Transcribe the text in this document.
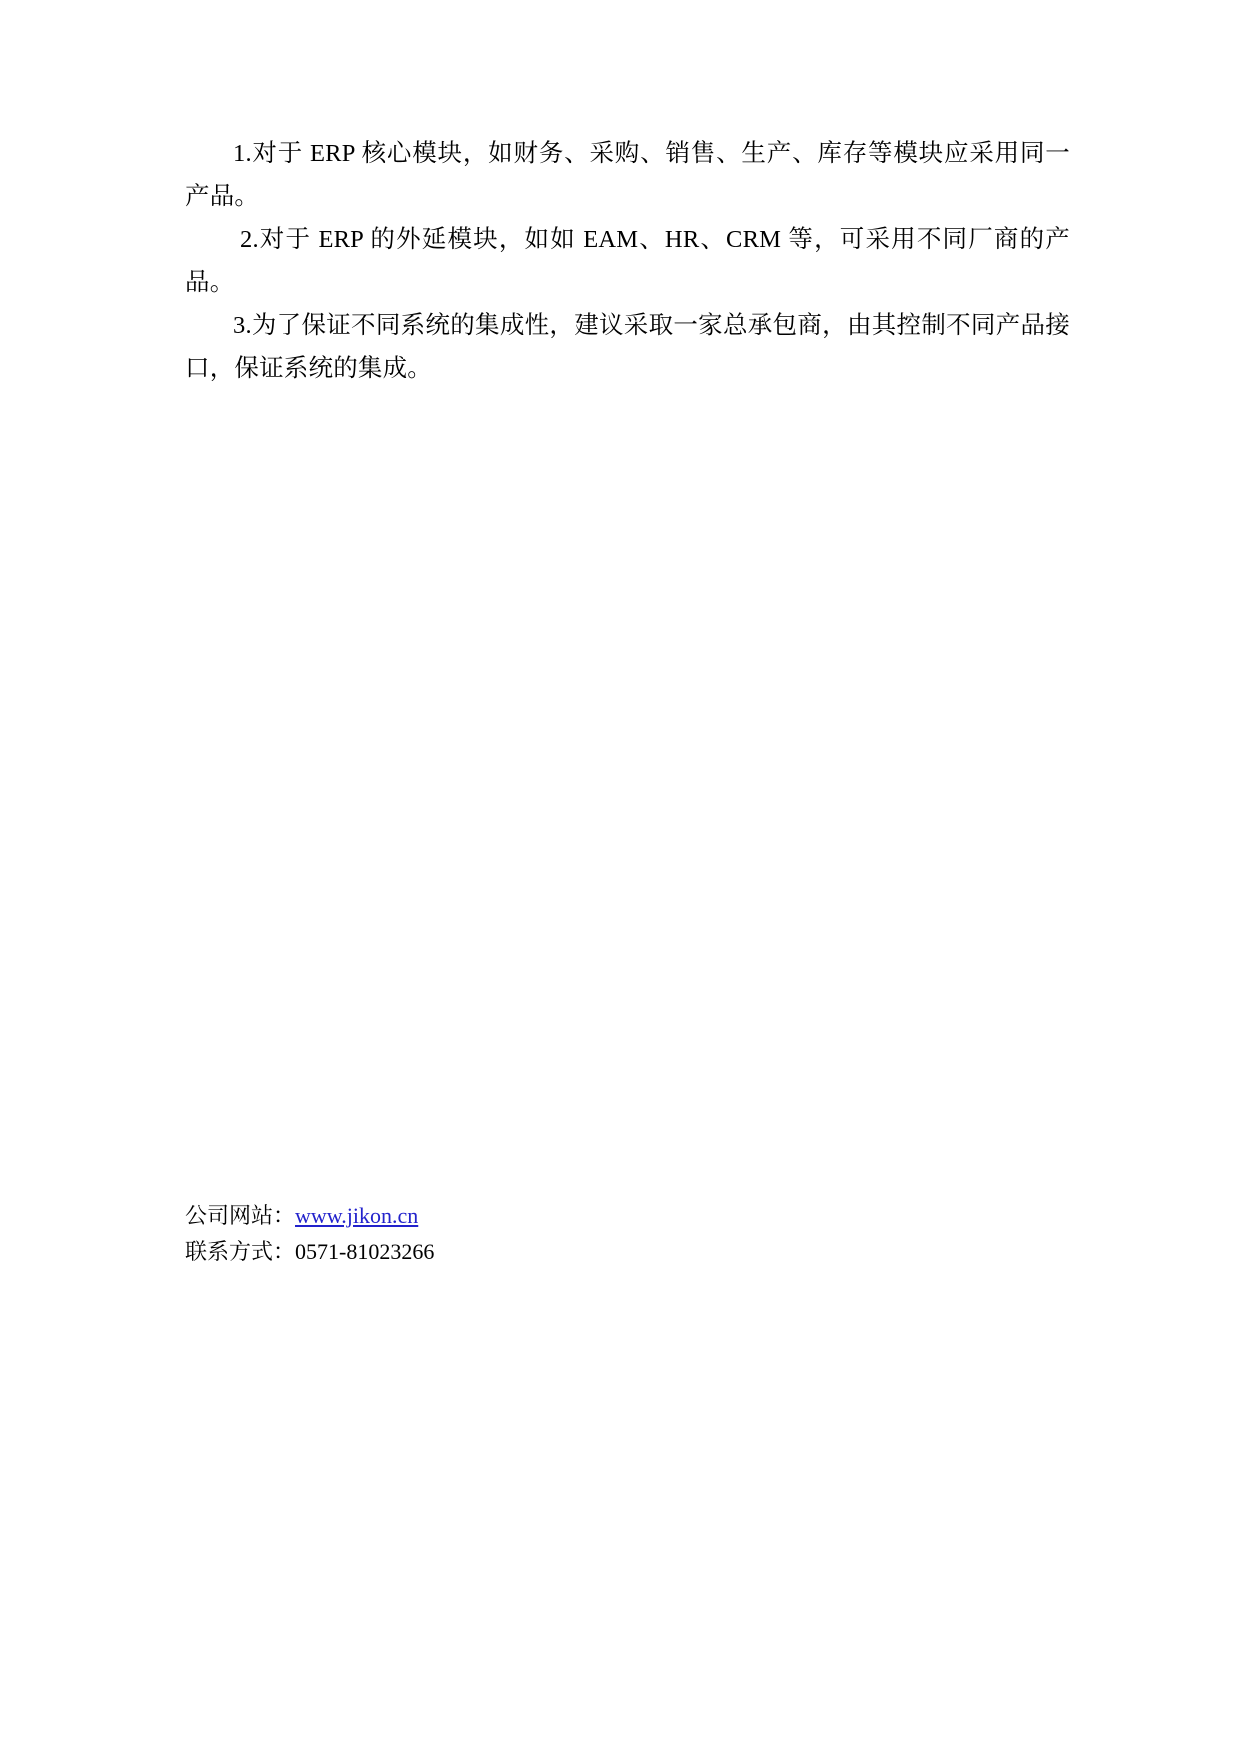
1.对于 ERP 核心模块，如财务、采购、销售、生产、库存等模块应采用同一产品。

2.对于 ERP 的外延模块，如如 EAM、HR、CRM 等，可采用不同厂商的产品。

3.为了保证不同系统的集成性，建议采取一家总承包商，由其控制不同产品接口，保证系统的集成。

公司网站：www.jikon.cn
联系方式：0571-81023266
